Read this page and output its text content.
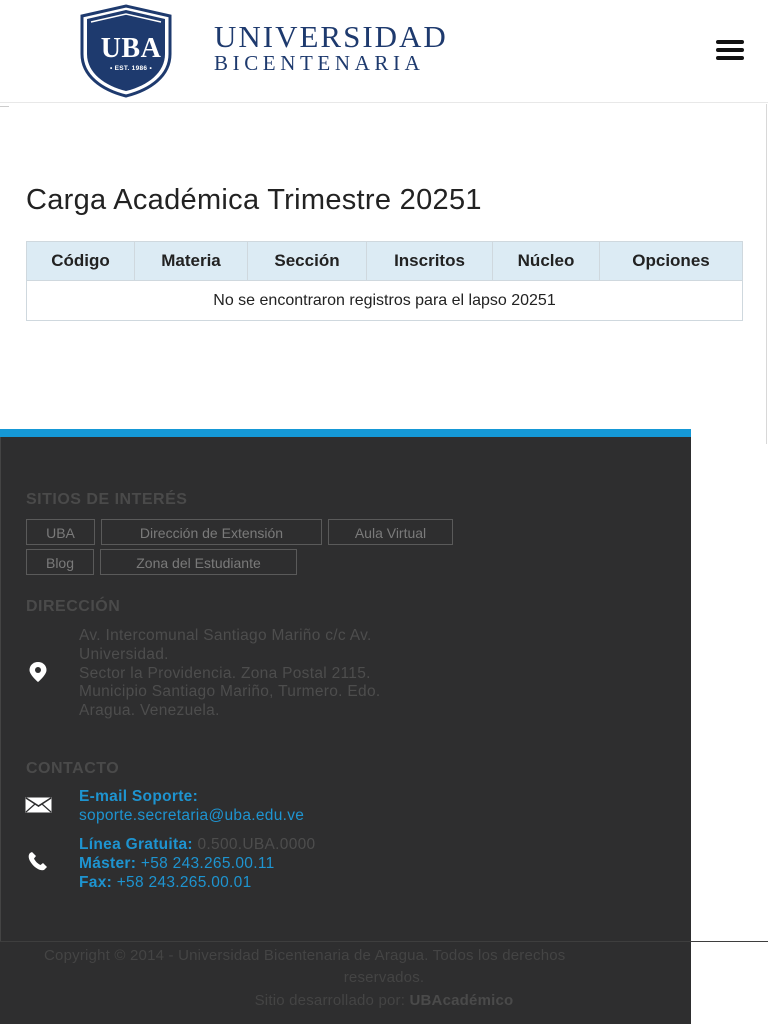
UBA
• EST. 1986 •
UNIVERSIDAD
BICENTENARIA
Carga Académica Trimestre 20251
Código	Materia	Sección	Inscritos	Núcleo	Opciones
No se encontraron registros para el lapso 20251
SITIOS DE INTERÉS
UBA	Dirección de Extensión	Aula Virtual
Blog	Zona del Estudiante
DIRECCIÓN
Av. Intercomunal Santiago Mariño c/c Av.
Universidad.
Sector la Providencia. Zona Postal 2115.
Municipio Santiago Mariño, Turmero. Edo.
Aragua. Venezuela.
CONTACTO
E-mail Soporte:
soporte.secretaria@uba.edu.ve
Línea Gratuita: 0.500.UBA.0000
Máster: +58 243.265.00.11
Fax: +58 243.265.00.01
Copyright © 2014 - Universidad Bicentenaria de Aragua. Todos los derechos
reservados.
Sitio desarrollado por: UBAcadémico
